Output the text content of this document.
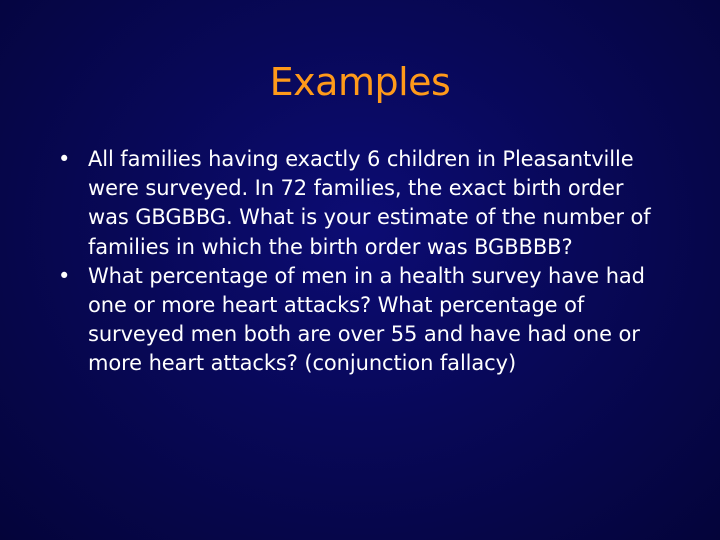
Examples
• All families having exactly 6 children in Pleasantville were surveyed. In 72 families, the exact birth order was GBGBBG. What is your estimate of the number of families in which the birth order was BGBBBB?
• What percentage of men in a health survey have had one or more heart attacks? What percentage of surveyed men both are over 55 and have had one or more heart attacks? (conjunction fallacy)
